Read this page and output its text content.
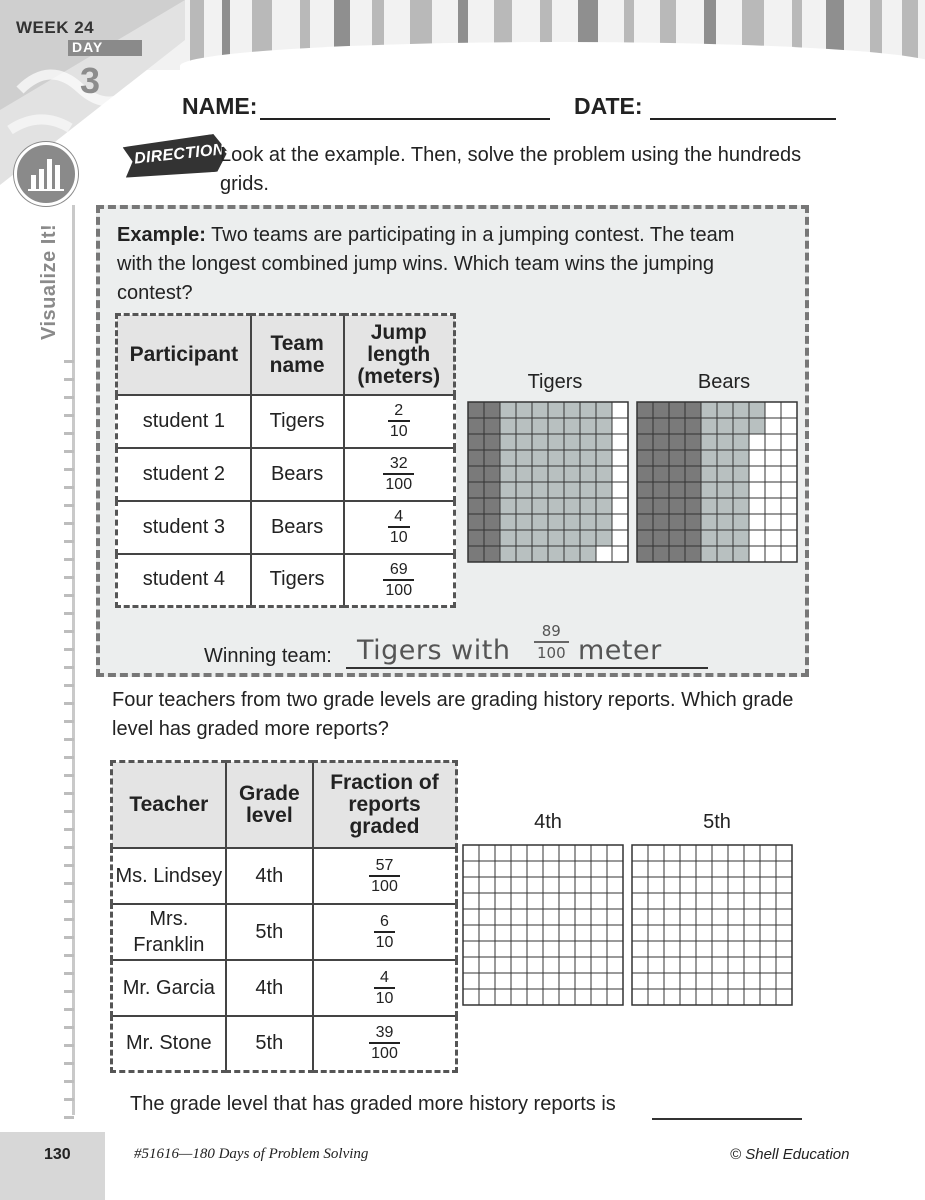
WEEK 24
DAY
3
Visualize It!
NAME:	DATE:
DIRECTIONS:
Look at the example. Then, solve the problem using the hundreds grids.
Example: Two teams are participating in a jumping contest. The team with the longest combined jump wins. Which team wins the jumping contest?
Participant	Team name	Jump length (meters)
student 1	Tigers	$\frac{2}{10}$

student 2	Bears	$\frac{32}{100}$

student 3	Bears	$\frac{4}{10}$

student 4	Tigers	$\frac{69}{100}$
Tigers	Bears
Winning team: Tigers with $\frac{89}{100}$ meter
Four teachers from two grade levels are grading history reports. Which grade level has graded more reports?
Teacher	Grade level	Fraction of reports graded
Ms. Lindsey	4th	$\frac{57}{100}$

Mrs. Franklin	5th	$\frac{6}{10}$

Mr. Garcia	4th	$\frac{4}{10}$

Mr. Stone	5th	$\frac{39}{100}$
4th	5th
The grade level that has graded more history reports is
130	#51616—180 Days of Problem Solving	© Shell Education
